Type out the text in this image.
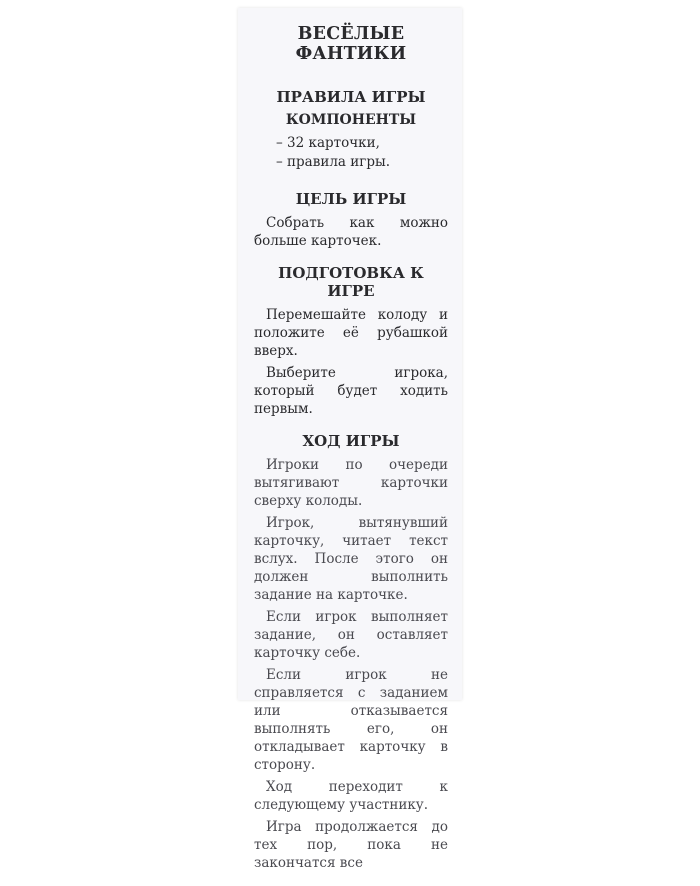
ВЕСЁЛЫЕ ФАНТИКИ
ПРАВИЛА ИГРЫ
КОМПОНЕНТЫ
– 32 карточки,
– правила игры.
ЦЕЛЬ ИГРЫ

Собрать как можно больше карточек.

ПОДГОТОВКА К ИГРЕ

Перемешайте колоду и положите её рубашкой вверх.

Выберите игрока, который будет ходить первым.

ХОД ИГРЫ

Игроки по очереди вытягивают карточки сверху колоды.

Игрок, вытянувший карточку, читает текст вслух. После этого он должен выполнить задание на карточке.

Если игрок выполняет задание, он оставляет карточку себе.

Если игрок не справляется с заданием или отказывается выполнять его, он откладывает карточку в сторону.

Ход переходит к следующему участнику.

Игра продолжается до тех пор, пока не закончатся все
